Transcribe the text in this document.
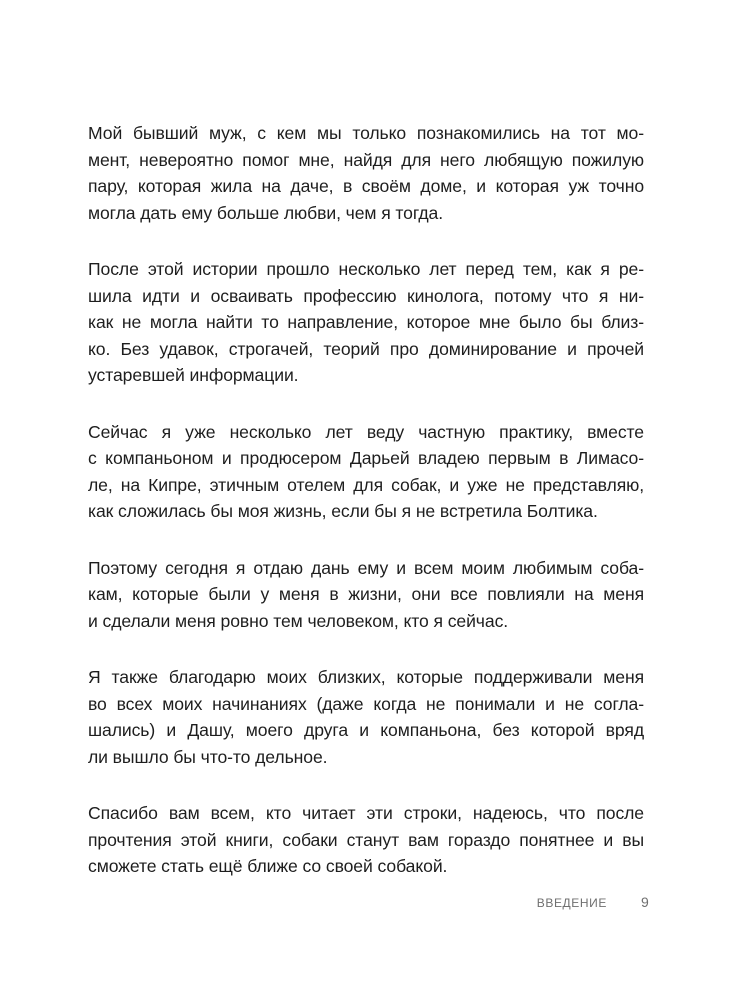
Мой бывший муж, с кем мы только познакомились на тот мо-
мент, невероятно помог мне, найдя для него любящую пожилую
пару, которая жила на даче, в своём доме, и которая уж точно
могла дать ему больше любви, чем я тогда.

После этой истории прошло несколько лет перед тем, как я ре-
шила идти и осваивать профессию кинолога, потому что я ни-
как не могла найти то направление, которое мне было бы близ-
ко. Без удавок, строгачей, теорий про доминирование и прочей
устаревшей информации.

Сейчас я уже несколько лет веду частную практику, вместе
с компаньоном и продюсером Дарьей владею первым в Лимасо-
ле, на Кипре, этичным отелем для собак, и уже не представляю,
как сложилась бы моя жизнь, если бы я не встретила Болтика.

Поэтому сегодня я отдаю дань ему и всем моим любимым соба-
кам, которые были у меня в жизни, они все повлияли на меня
и сделали меня ровно тем человеком, кто я сейчас.

Я также благодарю моих близких, которые поддерживали меня
во всех моих начинаниях (даже когда не понимали и не согла-
шались) и Дашу, моего друга и компаньона, без которой вряд
ли вышло бы что-то дельное.

Спасибо вам всем, кто читает эти строки, надеюсь, что после
прочтения этой книги, собаки станут вам гораздо понятнее и вы
сможете стать ещё ближе со своей собакой.

ВВЕДЕНИЕ 9
